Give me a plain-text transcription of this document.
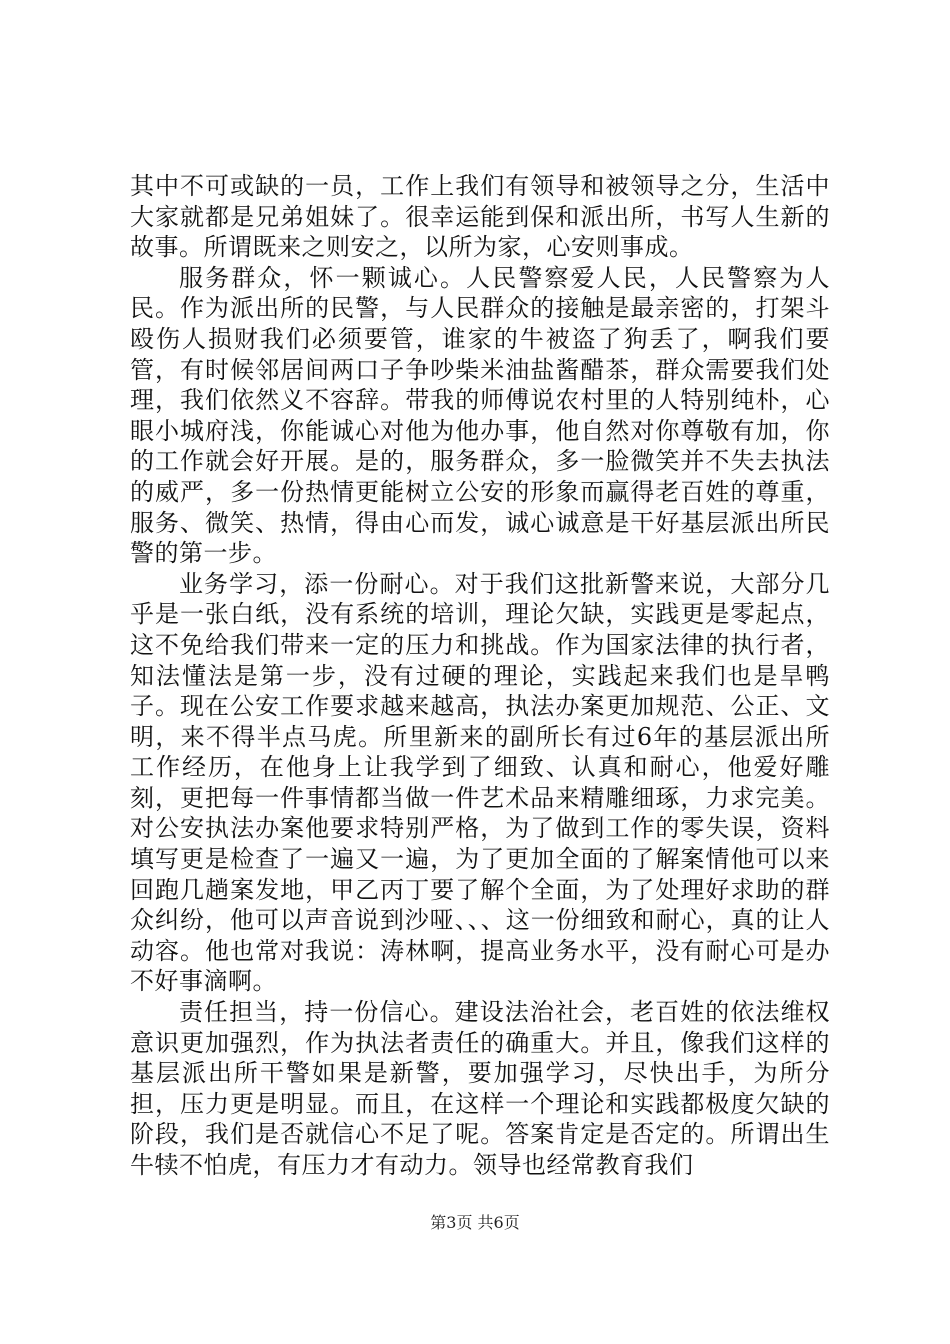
其中不可或缺的一员，工作上我们有领导和被领导之分，生活中大家就都是兄弟姐妹了。很幸运能到保和派出所，书写人生新的故事。所谓既来之则安之，以所为家，心安则事成。

服务群众，怀一颗诚心。人民警察爱人民，人民警察为人民。作为派出所的民警，与人民群众的接触是最亲密的，打架斗殴伤人损财我们必须要管，谁家的牛被盗了狗丢了，啊我们要管，有时候邻居间两口子争吵柴米油盐酱醋茶，群众需要我们处理，我们依然义不容辞。带我的师傅说农村里的人特别纯朴，心眼小城府浅，你能诚心对他为他办事，他自然对你尊敬有加，你的工作就会好开展。是的，服务群众，多一脸微笑并不失去执法的威严，多一份热情更能树立公安的形象而赢得老百姓的尊重，服务、微笑、热情，得由心而发，诚心诚意是干好基层派出所民警的第一步。

业务学习，添一份耐心。对于我们这批新警来说，大部分几乎是一张白纸，没有系统的培训，理论欠缺，实践更是零起点，这不免给我们带来一定的压力和挑战。作为国家法律的执行者，知法懂法是第一步，没有过硬的理论，实践起来我们也是旱鸭子。现在公安工作要求越来越高，执法办案更加规范、公正、文明，来不得半点马虎。所里新来的副所长有过6年的基层派出所工作经历，在他身上让我学到了细致、认真和耐心，他爱好雕刻，更把每一件事情都当做一件艺术品来精雕细琢，力求完美。对公安执法办案他要求特别严格，为了做到工作的零失误，资料填写更是检查了一遍又一遍，为了更加全面的了解案情他可以来回跑几趟案发地，甲乙丙丁要了解个全面，为了处理好求助的群众纠纷，他可以声音说到沙哑、、、这一份细致和耐心，真的让人动容。他也常对我说：涛林啊，提高业务水平，没有耐心可是办不好事滴啊。

责任担当，持一份信心。建设法治社会，老百姓的依法维权意识更加强烈，作为执法者责任的确重大。并且，像我们这样的基层派出所干警如果是新警，要加强学习，尽快出手，为所分担，压力更是明显。而且，在这样一个理论和实践都极度欠缺的阶段，我们是否就信心不足了呢。答案肯定是否定的。所谓出生牛犊不怕虎，有压力才有动力。领导也经常教育我们

第3页 共6页
